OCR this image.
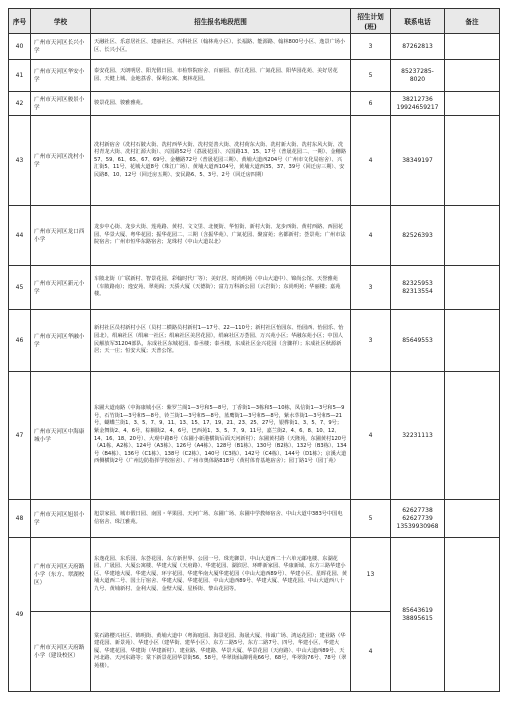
序号	学校	招生报名地段范围	招生计划(班)	联系电话	备注
40	广州市天河区长兴小学	天融社区、乐意居社区、建丽社区、兴科社区（翰林苑小区）、长福路、能源路、翰林800号小区、逸景广场小区、长兴小区。	3	87262813	

41	广州市天河区华安小学	泰安花园、天朗明居、阳光假日园、市检察院宿舍、百丽园、春江花园、广氮花园、阳华园花苑、美好居花园、天健上城、金地荔香、保利公寓、奥林花园。	5	85237285-
8020	

42	广州市天河区骏景小学	骏景花园、骏雅雅苑。	6	38212736
19924659217	

43	广州市天河区冼村小学	冼村新宿舍（冼村石陂大街、冼村西华大街、冼村觉善大街、冼村荷东大街、冼村新大街、冼村东风大街、冼村青龙大街、冼村汇源大街）、兴国路52号（荔晟花园）、兴国路13、15、17号（普晟花园二、一期）、金穗路57、59、61、65、67、69号、金穗路72号（普晟花园三期）、黄埔大道西204号（广州市文化局宿舍）、兴汇街5、11号、花城大道8号（珠江广场）、黄埔大道西104号，黄埔大道西35、37、39号（回迁房三期）、安民路8、10、12号（回迁房五期）、安民路6、5、3号、2号（回迁房四期）	4	38349197	

44	广州市天河区龙口西小学	龙步中心街、龙步大街、莲苑路、黄村、文文里、北便街、华恒街、新村大街、龙步西街、黄村西路、西园花园、华景大厦、粤华花园；振华花园二、三期（含振华苑）、广氮花园、聚富苑；名都新村；荟景苑；广州市法院宿舍；广州市恒华东路宿舍；龙珠村（中山大道以北）	4	82526393	

45	广州市天河区新元小学	车陂北街（广联新村、智景花园、彩翰时代厂等）；美好居、时尚明苑（中山大道中）、锦尚公馆、天誉雅苑（车陂路南）；逸安苑、翠苑阁；天骄大厦（天德街）；富力万科新公园（云岩街）；东尚明苑；华丽楼；嘉苑楼。	3	82325953
82313554	

46	广州市天河区华融小学	新村社区员村新村小区（员村二横路员村新村1—17号、22—110号；新村社区怡园东、怡园西、怡园乐、怡园北），绢麻社区（绢麻一社区；绢麻社区美居花园），绢麻社区万荟园、万兴苑小区；华融东苑小区；中国人民解放军31204部队，东成社区东城花园、泰丞楼；泰丞楼，东成社区金兴花园（含骤祥）；东成社区秋源新居；天一庄；恒安大厦；天普公馆。	3	85649553	

47	广州市天河区中海康城小学	东圃大道南路（中海康城小区：紫罗兰阁1—3号和5—8号，丁香街1—3栋和5—10栋，凤信街1—3号和5—9号，石竹街1—3号和5—8号，铃兰街1—3号和5—8号，蓝鹰街1—3号和5—8号，紫水萃街1—3号和5—21号，蝴蝶兰街1、3、5、7、9、11、13、15、17、19、21、23、25、27号，银桦街1、3、5、7、9号；紫金舞街2、4、6号，棕榈街2、4、6号，巴西苑1、3、5、7、9、11号，嘉兰街2、4、6、8、10、12、14、16、18、20号）、大观中路8号（东圃小新港横街后面天河新村）；东圃黄村路（天隆苑，东圃黄村120号（A1栋、A2栋）、124号（A3栋）、126号（A4栋）、128号（B1栋）、130号（B2栋）、132号（B3栋）、134号（B4栋）、136号（C1栋）、138号（C2栋）、140号（C3栋）、142号（C4栋）、144号（D1栋）；京溪大道西侧横街2号（广州边防指挥学校宿舍）、广州市奥体路818号（黄村体育基地宿舍）；园丁路1号（园丁苑）	4	32231113	

48	广州市天河区旭景小学	旭景家园、城市假日园、南国・苹果园、天河广场、东圃广场、东圃中学教师宿舍、中山大道中383号中国电信宿舍、珠江雅苑。	5	62627738
62627739
13539930968	

49	广州市天河区天府路小学（东方、翠湖校区）	东逸花园、东乐园、东荟花园、东方新世界、公园一号、珠光御景、中山大道西二十六单元邮电楼、东湖花园、广晟园、大厦公寓楼、华建大厦（天府路）、华建花园、湖滨居、环畔新家园、华康新域、东方三路华建小区、华建地大厦、华建大厦、环宇花园、华建华南大厦华建花园（中山大道西89号）、华建小区、星晖花园、黄埔大道西二号、国土厅宿舍、华建大厦、华建花园、中山大道西89号、华建大厦、华建花园、中山大道西八十九号、黄埔新村、金利大厦、金壁大厦、星桥街、黎山花园等。	13	85643619
38895615	

	广州市天河区天府路小学（建设校区）	棠石路樱兴社区、锦明街、黄埔大道中（粤海庭园、海景花园、海晟大厦、伟诚广场、鸿运花园）；建业路（华建花园、新景苑）、华建小区（建华街、建华小区）、东方二路5号、东方二路7号、四号、华建小区、华建大厦、华建花园、华建街（华建新村）、建业路、华建路、华景大厦、华景花园（天府路）、中山大道西89号、天河北路、天河东路等；棠下新景花园华景街56、58号，华翠街仙湖明苑66号、68号，华翠街76号、78号（翠苑楼）。	4		
